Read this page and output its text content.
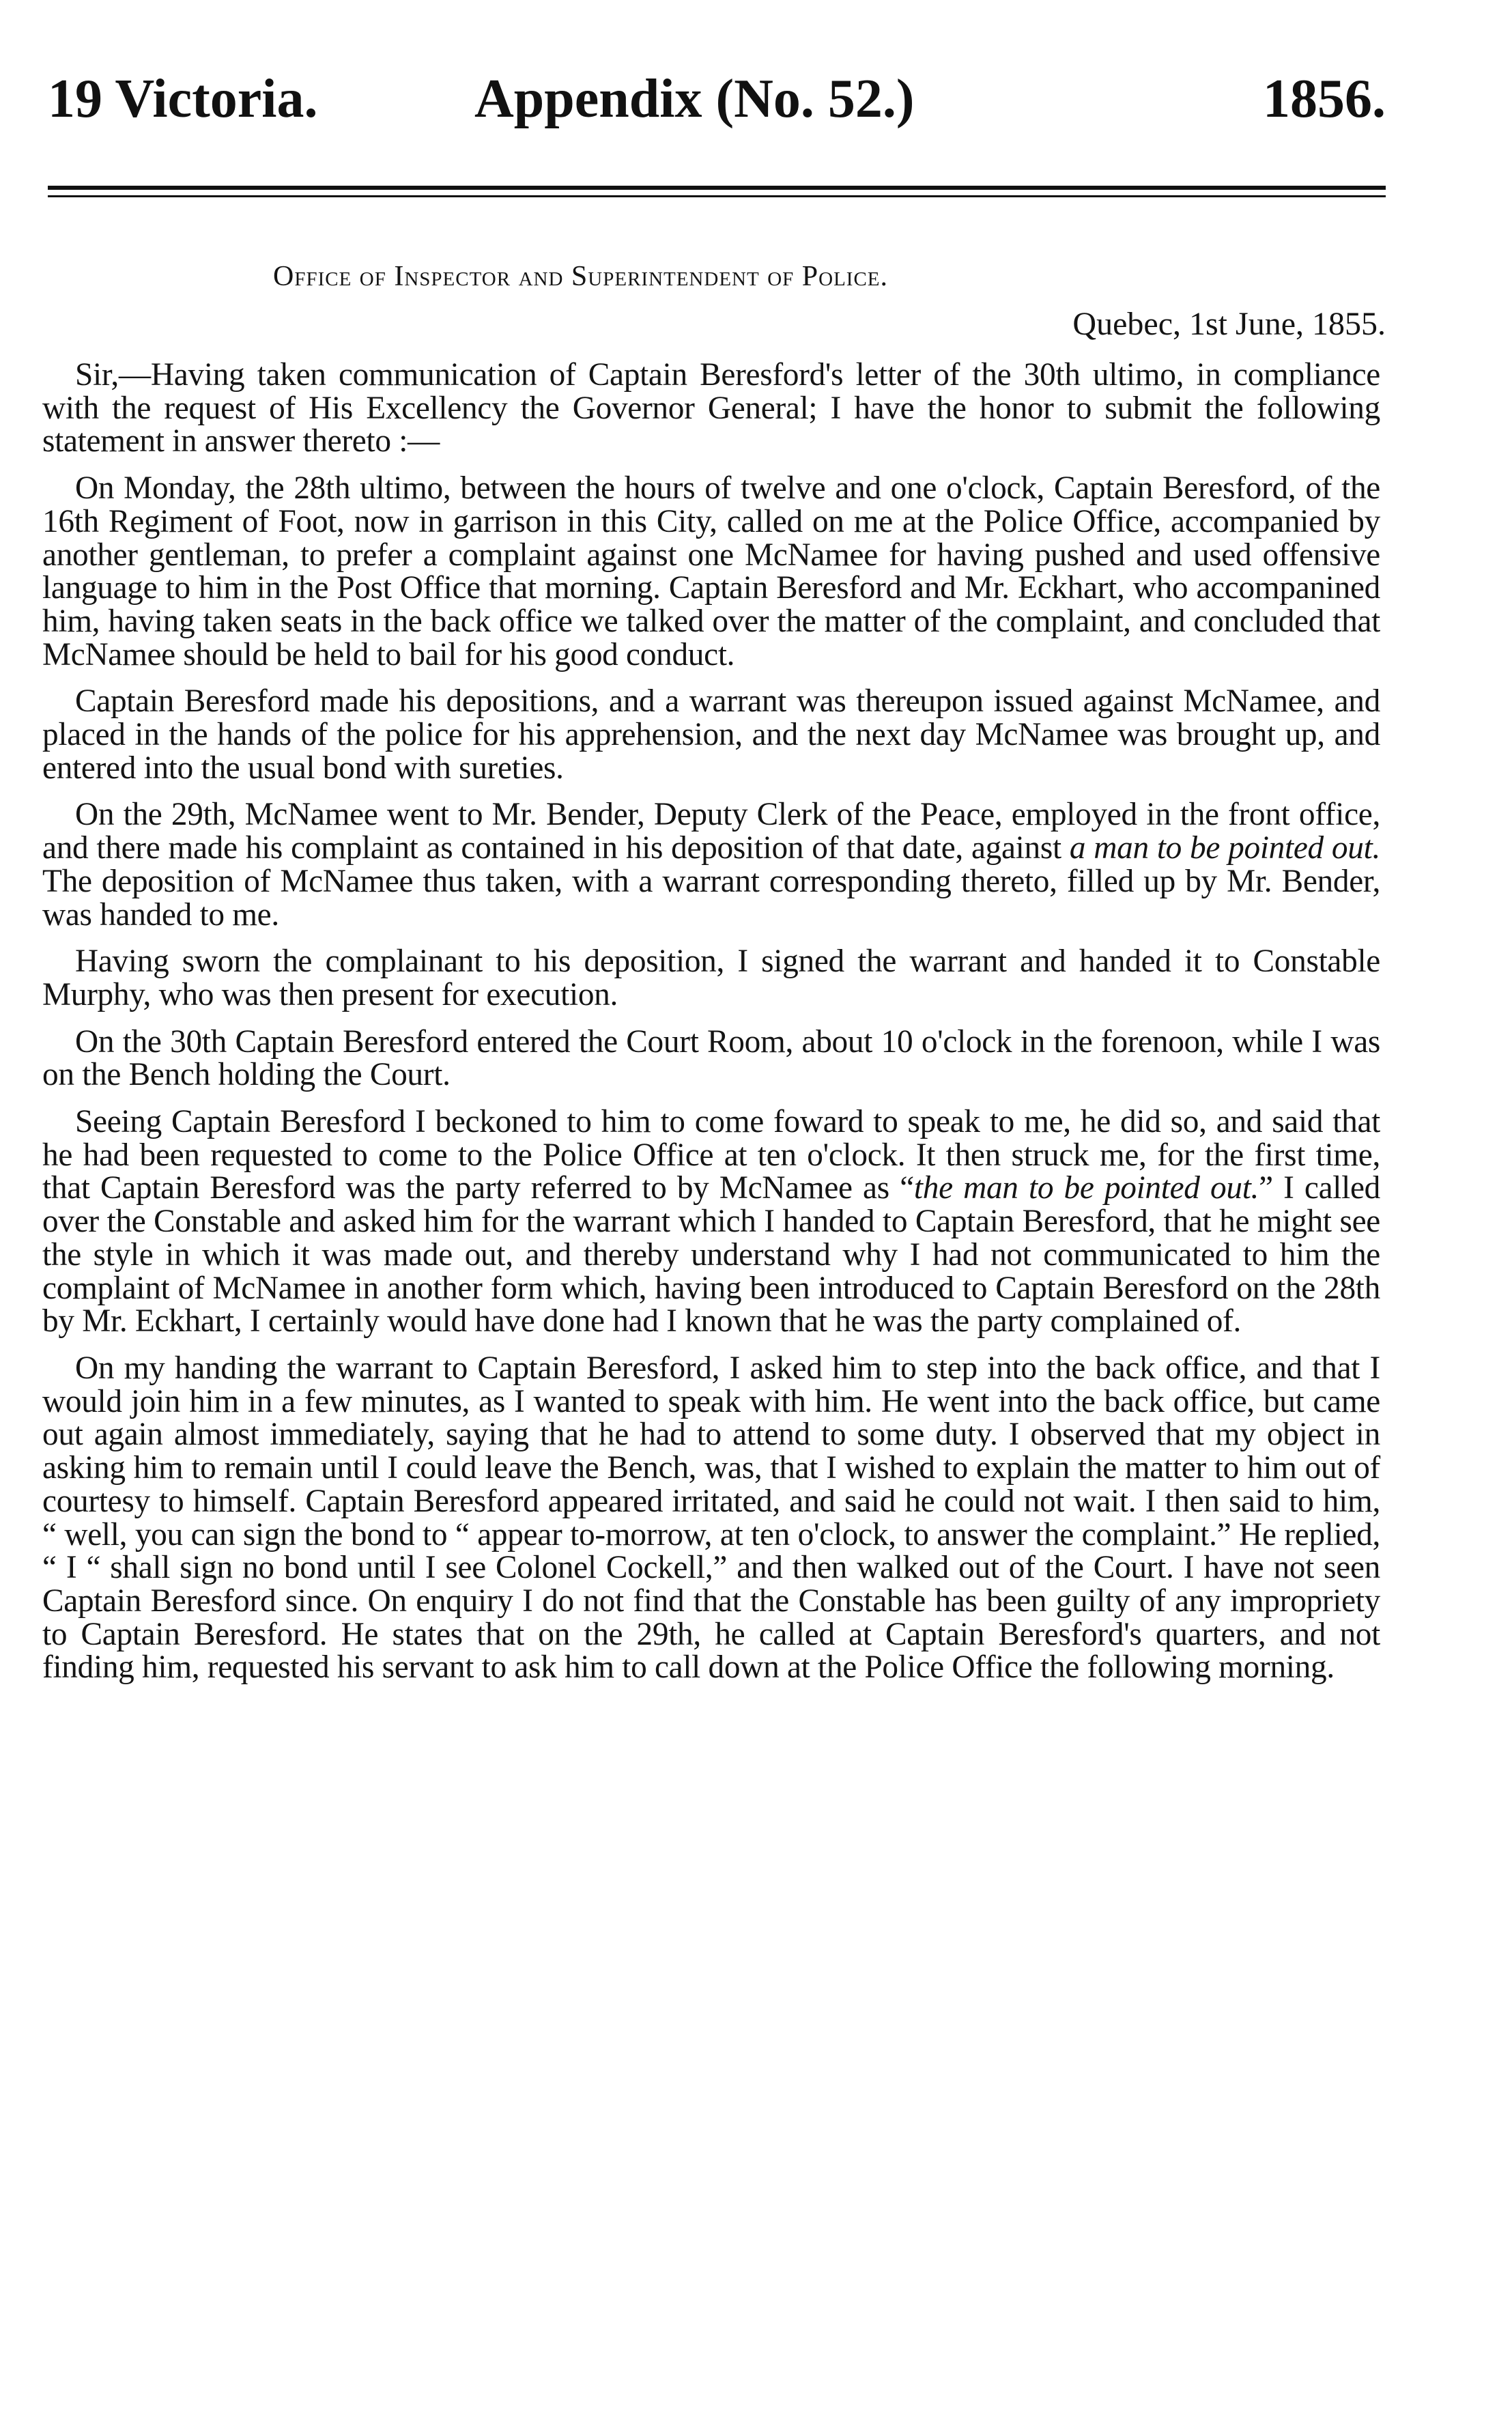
19 Victoria.	Appendix (No. 52.)	1856.
Office of Inspector and Superintendent of Police.
Quebec, 1st June, 1855.

Sir,—Having taken communication of Captain Beresford's letter of the 30th ultimo, in compliance with the request of His Excellency the Governor General; I have the honor to submit the following statement in answer thereto :—

On Monday, the 28th ultimo, between the hours of twelve and one o'clock, Captain Beresford, of the 16th Regiment of Foot, now in garrison in this City, called on me at the Police Office, accompanied by another gentleman, to prefer a complaint against one McNamee for having pushed and used offensive language to him in the Post Office that morning. Captain Beresford and Mr. Eckhart, who accompanined him, having taken seats in the back office we talked over the matter of the complaint, and concluded that McNamee should be held to bail for his good conduct.

Captain Beresford made his depositions, and a warrant was thereupon issued against McNamee, and placed in the hands of the police for his apprehension, and the next day McNamee was brought up, and entered into the usual bond with sureties.

On the 29th, McNamee went to Mr. Bender, Deputy Clerk of the Peace, employed in the front office, and there made his complaint as contained in his deposition of that date, against a man to be pointed out. The deposition of McNamee thus taken, with a warrant corresponding thereto, filled up by Mr. Bender, was handed to me.

Having sworn the complainant to his deposition, I signed the warrant and handed it to Constable Murphy, who was then present for execution.

On the 30th Captain Beresford entered the Court Room, about 10 o'clock in the forenoon, while I was on the Bench holding the Court.

Seeing Captain Beresford I beckoned to him to come foward to speak to me, he did so, and said that he had been requested to come to the Police Office at ten o'clock. It then struck me, for the first time, that Captain Beresford was the party referred to by McNamee as “the man to be pointed out.” I called over the Constable and asked him for the warrant which I handed to Captain Beresford, that he might see the style in which it was made out, and thereby understand why I had not communicated to him the complaint of McNamee in another form which, having been introduced to Captain Beresford on the 28th by Mr. Eckhart, I certainly would have done had I known that he was the party complained of.

On my handing the warrant to Captain Beresford, I asked him to step into the back office, and that I would join him in a few minutes, as I wanted to speak with him. He went into the back office, but came out again almost immediately, saying that he had to attend to some duty. I observed that my object in asking him to remain until I could leave the Bench, was, that I wished to explain the matter to him out of courtesy to himself. Captain Beresford appeared irritated, and said he could not wait. I then said to him, “ well, you can sign the bond to “ appear to-morrow, at ten o'clock, to answer the complaint.” He replied, “ I “ shall sign no bond until I see Colonel Cockell,” and then walked out of the Court. I have not seen Captain Beresford since. On enquiry I do not find that the Constable has been guilty of any impropriety to Captain Beresford. He states that on the 29th, he called at Captain Beresford's quarters, and not finding him, requested his servant to ask him to call down at the Police Office the following morning.
